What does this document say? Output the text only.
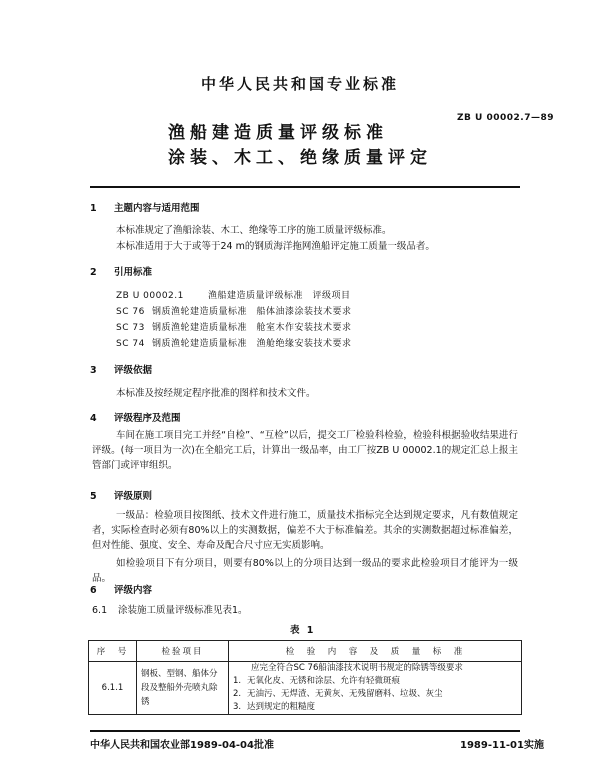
中华人民共和国专业标准
渔船建造质量评级标准
涂装、木工、绝缘质量评定
ZB U 00002.7—89
1 主题内容与适用范围
本标准规定了渔船涂装、木工、绝缘等工序的施工质量评级标准。
本标准适用于大于或等于24 m的钢质海洋拖网渔船评定施工质量一级品者。
2 引用标准
ZB U 00002.1	渔船建造质量评级标准　评级项目
SC 76 钢质渔轮建造质量标准　船体油漆涂装技术要求
SC 73 钢质渔轮建造质量标准　舱室木作安装技术要求
SC 74 钢质渔轮建造质量标准　渔舱绝缘安装技术要求
3 评级依据
本标准及按经规定程序批准的图样和技术文件。
4 评级程序及范围
车间在施工项目完工并经“自检”、“互检”以后，提交工厂检验科检验，检验科根据验收结果进行评级。(每一项目为一次)在全船完工后，计算出一级品率，由工厂按ZB U 00002.1的规定汇总上报主管部门或评审组织。
5 评级原则
一级品：检验项目按图纸、技术文件进行施工，质量技术指标完全达到规定要求，凡有数值规定者，实际检查时必须有80%以上的实测数据，偏差不大于标准偏差。其余的实测数据超过标准偏差，但对性能、强度、安全、寿命及配合尺寸应无实质影响。
如检验项目下有分项目，则要有80%以上的分项目达到一级品的要求此检验项目才能评为一级品。
6 评级内容
6.1 涂装施工质量评级标准见表1。
表 1
序　号	检验项目	检　验　内　容　及　质　量　标　准
6.1.1	钢板、型钢、船体分段及整船外壳喷丸除锈	应完全符合SC 76船油漆技术说明书规定的除锈等级要求
1. 无氧化皮、无锈和涂层、允许有轻微斑痕
2. 无油污、无焊渣、无黄灰、无残留磨料、垃圾、灰尘
3. 达到规定的粗糙度
中华人民共和国农业部1989-04-04批准	1989-11-01实施
